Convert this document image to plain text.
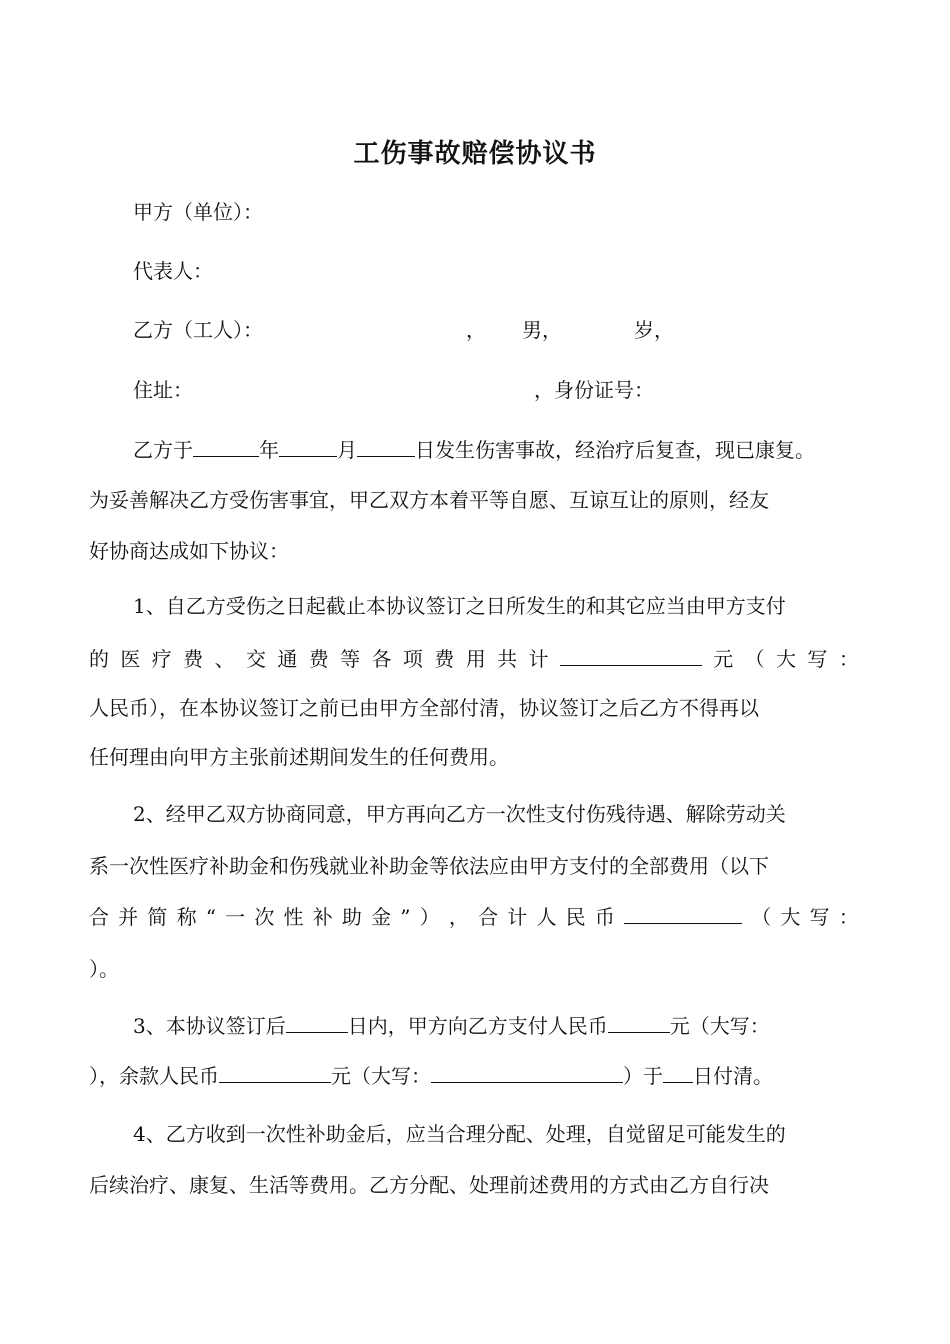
工伤事故赔偿协议书
甲方（单位）：
代表人：
乙方（工人）：	， 男，	岁，
住址：	，身份证号：
乙方于	年	月	日发生伤害事故，经治疗后复查，现已康复。
为妥善解决乙方受伤害事宜，甲乙双方本着平等自愿、互谅互让的原则，经友
好协商达成如下协议：
1、自乙方受伤之日起截止本协议签订之日所发生的和其它应当由甲方支付
的 医 疗 费 、 交 通 费 等 各 项 费 用 共 计	元 （ 大 写 ：
人民币），在本协议签订之前已由甲方全部付清，协议签订之后乙方不得再以
任何理由向甲方主张前述期间发生的任何费用。
2、经甲乙双方协商同意，甲方再向乙方一次性支付伤残待遇、解除劳动关
系一次性医疗补助金和伤残就业补助金等依法应由甲方支付的全部费用（以下
合 并 简 称 “ 一 次 性 补 助 金 ” ） ， 合 计 人 民 币	（ 大 写 ：
）。
3、本协议签订后	日内，甲方向乙方支付人民币	元（大写：
），余款人民币	元（大写：	）于 日付清。
4、乙方收到一次性补助金后，应当合理分配、处理，自觉留足可能发生的
后续治疗、康复、生活等费用。乙方分配、处理前述费用的方式由乙方自行决
